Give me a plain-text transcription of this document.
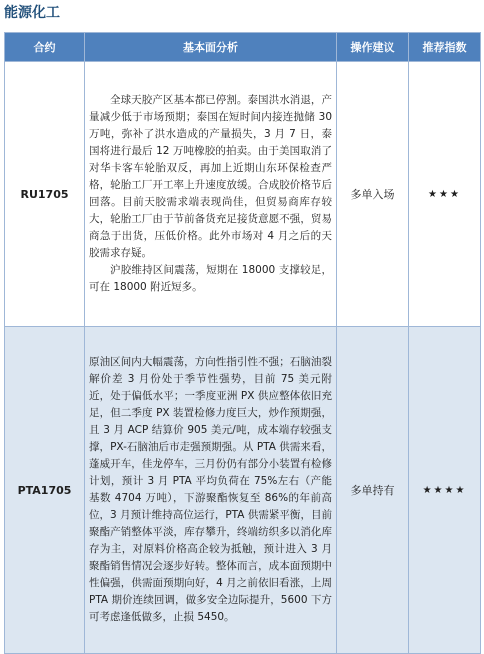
能源化工
合约	基本面分析	操作建议	推荐指数
RU1705	全球天胶产区基本都已停割。泰国洪水消退，产量减少低于市场预期；泰国在短时间内接连抛储 30 万吨，弥补了洪水造成的产量损失，3 月 7 日，泰国将进行最后 12 万吨橡胶的拍卖。由于美国取消了对华卡客车轮胎双反，再加上近期山东环保检查严格，轮胎工厂开工率上升速度放缓。合成胶价格节后回落。目前天胶需求端表现尚佳，但贸易商库存较大，轮胎工厂由于节前备货充足接货意愿不强，贸易商急于出货，压低价格。此外市场对 4 月之后的天胶需求存疑。

沪胶维持区间震荡，短期在 18000 支撑较足，可在 18000 附近短多。	多单入场	★★★
PTA1705	原油区间内大幅震荡，方向性指引性不强；石脑油裂解价差 3 月份处于季节性强势，目前 75 美元附近，处于偏低水平；一季度亚洲 PX 供应整体依旧充足，但二季度 PX 装置检修力度巨大，炒作预期强，且 3 月 ACP 结算价 905 美元/吨，成本端存较强支撑，PX-石脑油后市走强预期强。从 PTA 供需来看，蓬威开车，佳龙停车，三月份仍有部分小装置有检修计划，预计 3 月 PTA 平均负荷在 75%左右（产能基数 4704 万吨），下游聚酯恢复至 86%的年前高位，3 月预计维持高位运行，PTA 供需紧平衡，目前聚酯产销整体平淡，库存攀升，终端纺织多以消化库存为主，对原料价格高企较为抵触，预计进入 3 月聚酯销售情况会逐步好转。整体而言，成本面预期中性偏强，供需面预期向好，4 月之前依旧看涨，上周 PTA 期价连续回调，做多安全边际提升，5600 下方可考虑逢低做多，止损 5450。	多单持有	★★★★
